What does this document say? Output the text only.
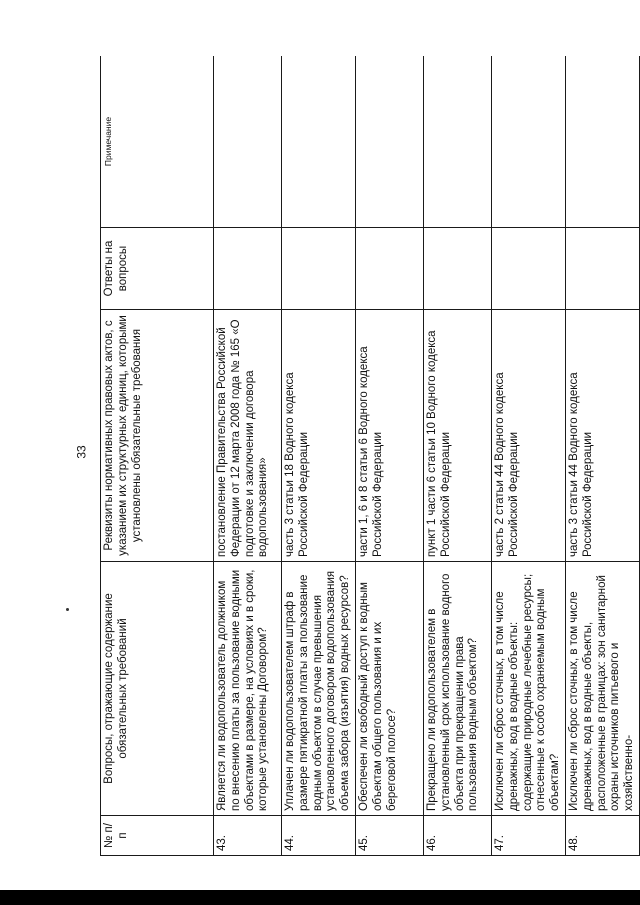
33
№ п/п	Вопросы, отражающие содержание обязательных требований	Реквизиты нормативных правовых актов, с указанием их структурных единиц, которыми установлены обязательные требования	Ответы на вопросы	Примечание
43.	Является ли водопользователь должником по внесению платы за пользование водными объектами в размере, на условиях и в сроки, которые установлены Договором?	постановление Правительства Российской Федерации от 12 марта 2008 года № 165 «О подготовке и заключении договора водопользования»		
44.	Уплачен ли водопользователем штраф в размере пятикратной платы за пользование водным объектом в случае превышения установленного договором водопользования объема забора (изъятия) водных ресурсов?	часть 3 статьи 18 Водного кодекса Российской Федерации		
45.	Обеспечен ли свободный доступ к водным объектам общего пользования и их береговой полосе?	части 1, 6 и 8 статьи 6 Водного кодекса Российской Федерации		
46.	Прекращено ли водопользователем в установленный срок использование водного объекта при прекращении права пользования водным объектом?	пункт 1 части 6 статьи 10 Водного кодекса Российской Федерации		
47.	Исключен ли сброс сточных, в том числе дренажных, вод в водные объекты: содержащие природные лечебные ресурсы; отнесенные к особо охраняемым водным объектам?	часть 2 статьи 44 Водного кодекса Российской Федерации		
48.	Исключен ли сброс сточных, в том числе дренажных, вод в водные объекты, расположенные в границах: зон санитарной охраны источников питьевого и хозяйственно-	часть 3 статьи 44 Водного кодекса Российской Федерации		
